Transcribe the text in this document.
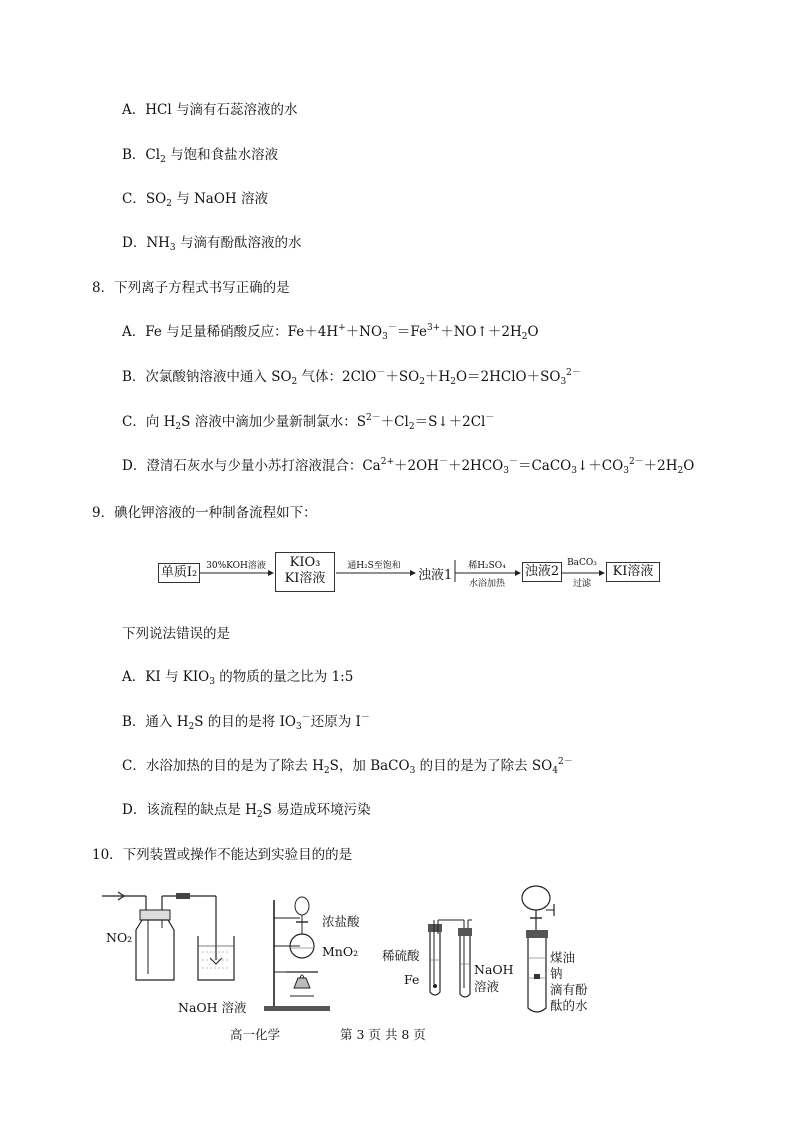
A．HCl 与滴有石蕊溶液的水
B．$Cl_2$ 与饱和食盐水溶液
C．$SO_2$ 与 NaOH 溶液
D．$NH_3$ 与滴有酚酞溶液的水
8．下列离子方程式书写正确的是
A．Fe 与足量稀硝酸反应：$Fe+4H^++NO_3^-=Fe^{3+}+NO↑+2H_2O$
B．次氯酸钠溶液中通入 $SO_2$ 气体：$2ClO^-+SO_2+H_2O=2HClO+SO_3^{2-}$
C．向 $H_2S$ 溶液中滴加少量新制氯水：$S^{2-}+Cl_2=S↓+2Cl^-$
D．澄清石灰水与少量小苏打溶液混合：$Ca^{2+}+2OH^-+2HCO_3^-=CaCO_3↓+CO_3^{2-}+2H_2O$
9．碘化钾溶液的一种制备流程如下：
单质I₂ 30%KOH溶液	KIO₃
KI溶液
通H₂S至饱和
浊液1
稀H₂SO₄
水浴加热
浊液2
BaCO₃
过滤
KI溶液
下列说法错误的是
A．KI 与 $KIO_3$ 的物质的量之比为 1:5
B．通入 $H_2S$ 的目的是将 $IO_3^-$还原为 I－
C．水浴加热的目的是为了除去 $H_2S$，加 BaCO$_3$ 的目的是为了除去 $SO_4^{2-}$
D．该流程的缺点是 $H_2S$ 易造成环境污染
10．下列装置或操作不能达到实验目的的是
NO₂
NaOH 溶液
浓盐酸
MnO₂ 稀硫酸
Fe
NaOH
溶液
煤油
钠
滴有酚
酞的水
高一化学	第 3 页 共 8 页
